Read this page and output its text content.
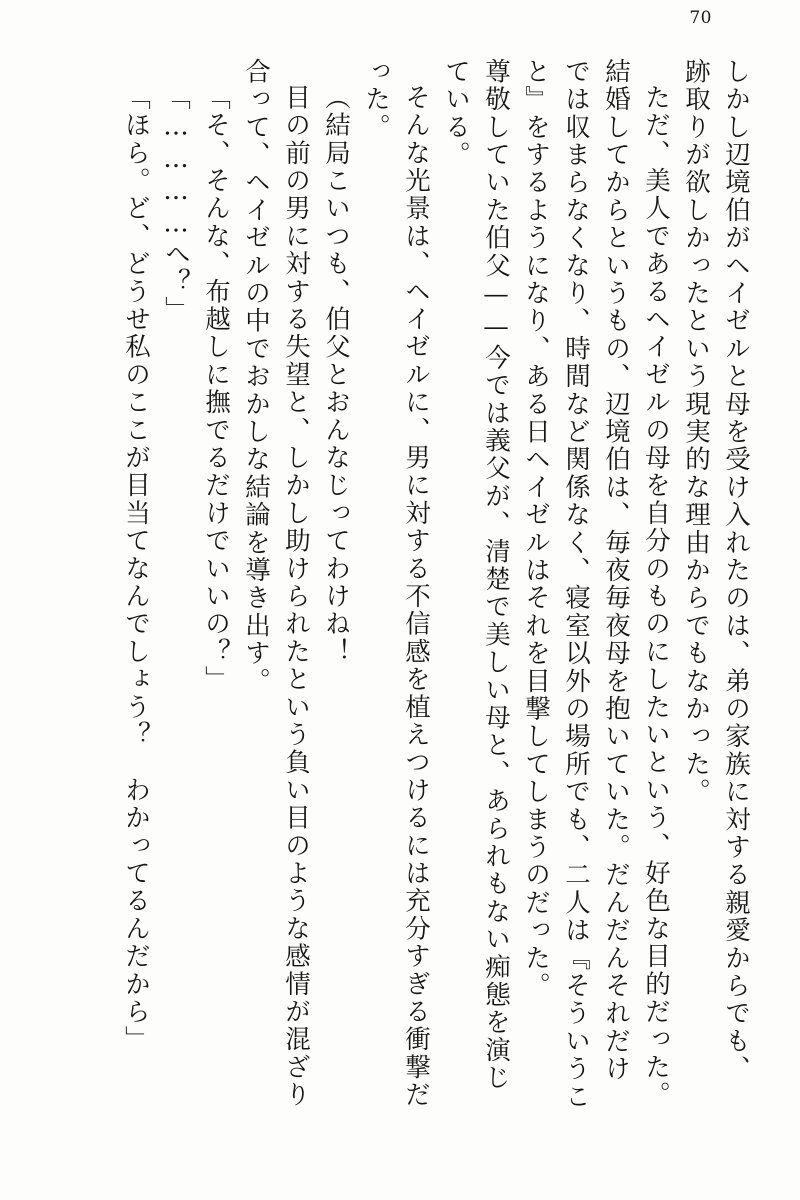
70
しかし辺境伯がヘイゼルと母を受け入れたのは、弟の家族に対する親愛からでも、
跡取りが欲しかったという現実的な理由からでもなかった。
ただ、美人であるヘイゼルの母を自分のものにしたいという、好色な目的だった。
結婚してからというもの、辺境伯は、毎夜毎夜母を抱いていた。だんだんそれだけ
では収まらなくなり、時間など関係なく、寝室以外の場所でも、二人は『そういうこ
と』をするようになり、ある日ヘイゼルはそれを目撃してしまうのだった。
尊敬していた伯父——今では義父が、清楚で美しい母と、あられもない痴態を演じ
ている。
そんな光景は、ヘイゼルに、男に対する不信感を植えつけるには充分すぎる衝撃だ
った。
（結局こいつも、伯父とおんなじってわけね！
目の前の男に対する失望と、しかし助けられたという負い目のような感情が混ざり
合って、ヘイゼルの中でおかしな結論を導き出す。
「そ、そんな、布越しに撫でるだけでいいの？」
「…………へ？」
「ほら。ど、どうせ私のここが目当てなんでしょう？　わかってるんだから」
